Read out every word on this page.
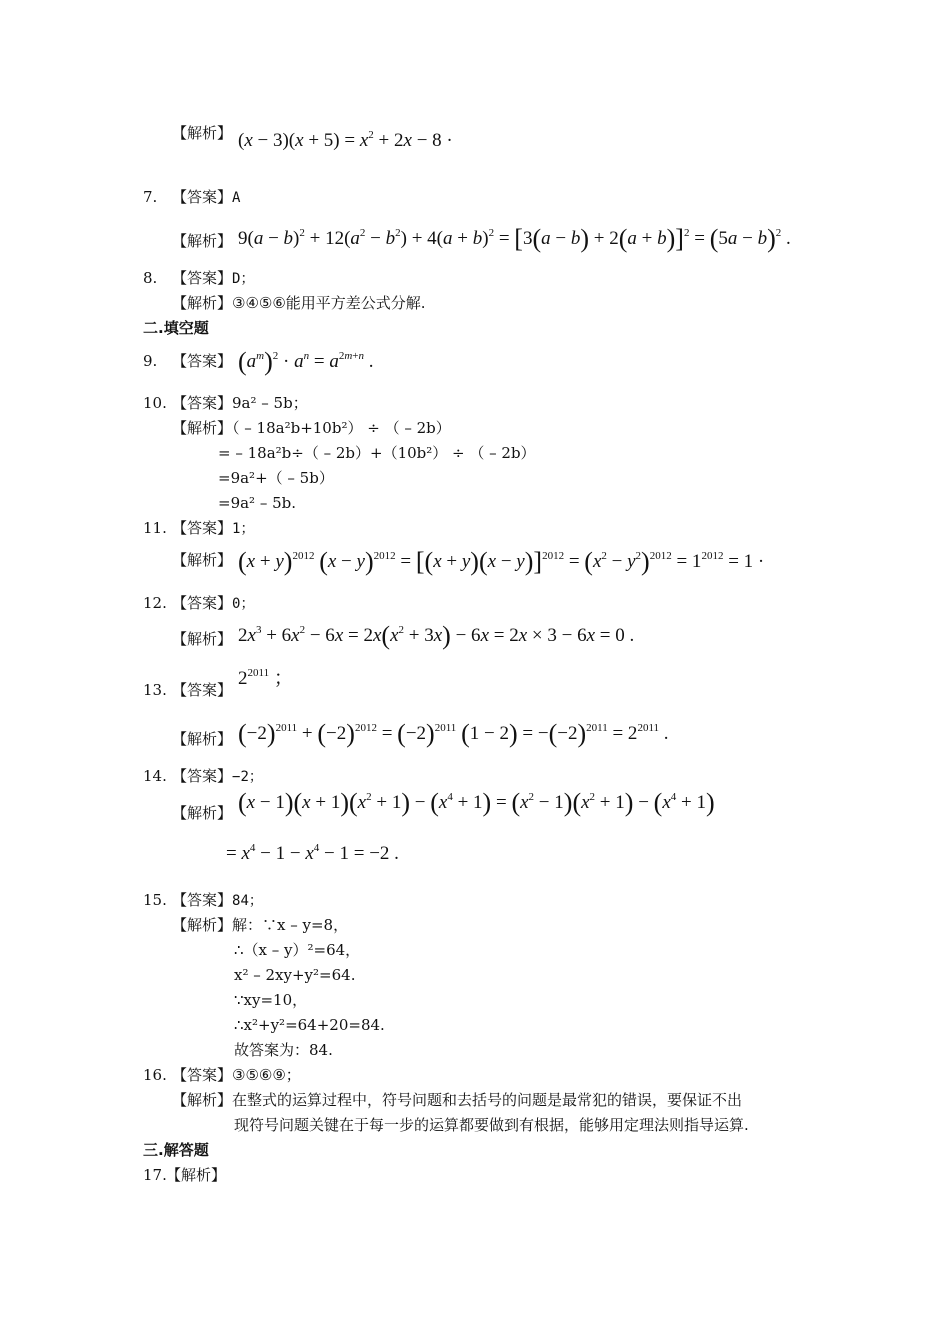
【解析】 $(x - 3)(x + 5) = x^2 + 2x - 8$ ·
7. 【答案】A
【解析】 $9(a - b)^2 + 12(a^2 - b^2) + 4(a + b)^2 = [3(a - b) + 2(a + b)]^2 = (5a - b)^2$ .
8. 【答案】D；
【解析】③④⑤⑥能用平方差公式分解.
二.填空题
9. 【答案】 $(a^m)^2 \cdot a^n = a^{2m+n}$ .
10. 【答案】9a² – 5b；
【解析】（ – 18a²b+10b²） ÷ （ – 2b）
= – 18a²b÷（ – 2b）+（10b²） ÷ （ – 2b）
=9a²+（ – 5b）
=9a² – 5b.
11. 【答案】1；
【解析】 $(x + y)^{2012}$ $(x - y)^{2012} = [(x + y)(x - y)]^{2012} = (x^2 - y^2)^{2012} = 1^{2012} = 1$ ·
12. 【答案】0；
【解析】 $2x^3 + 6x^2 - 6x = 2x(x^2 + 3x) - 6x = 2x \times 3 - 6x = 0$ .
13. 【答案】
$2^{2011}$ ；
【解析】 $(-2)^{2011} + (-2)^{2012} = (-2)^{2011}$ $(1 - 2) = -(-2)^{2011} = 2^{2011}$ .
14. 【答案】−2；
【解析】 $(x - 1)(x + 1)(x^2 + 1) - (x^4 + 1) = (x^2 - 1)(x^2 + 1) - (x^4 + 1)$
= $x^4 - 1 - x^4 - 1 = -2$ .
15. 【答案】84；
【解析】解：∵x – y=8，
∴（x – y）²=64，
x² – 2xy+y²=64.
∵xy=10，
∴x²+y²=64+20=84.
故答案为：84.
16. 【答案】③⑤⑥⑨；
【解析】在整式的运算过程中，符号问题和去括号的问题是最常犯的错误，要保证不出
现符号问题关键在于每一步的运算都要做到有根据，能够用定理法则指导运算.
三.解答题
17. 【解析】
